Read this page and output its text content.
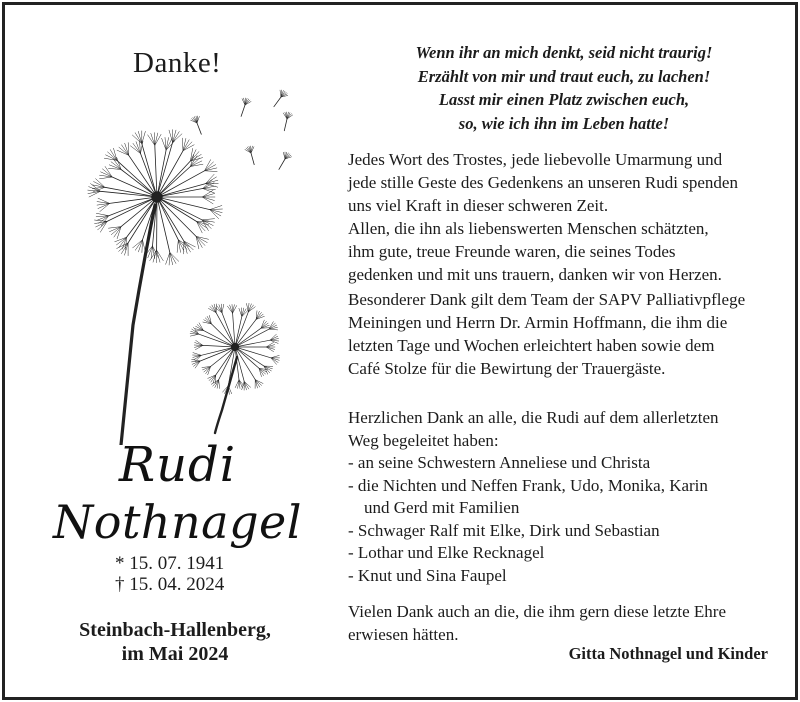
Danke!
Rudi
Nothnagel
* 15. 07. 1941
† 15. 04. 2024
Steinbach-Hallenberg,
im Mai 2024
Wenn ihr an mich denkt, seid nicht traurig!
Erzählt von mir und traut euch, zu lachen!
Lasst mir einen Platz zwischen euch,
so, wie ich ihn im Leben hatte!
Jedes Wort des Trostes, jede liebevolle Umarmung und
jede stille Geste des Gedenkens an unseren Rudi spenden
uns viel Kraft in dieser schweren Zeit.
Allen, die ihn als liebenswerten Menschen schätzten,
ihm gute, treue Freunde waren, die seines Todes
gedenken und mit uns trauern, danken wir von Herzen.
Besonderer Dank gilt dem Team der SAPV Palliativpflege
Meiningen und Herrn Dr. Armin Hoffmann, die ihm die
letzten Tage und Wochen erleichtert haben sowie dem
Café Stolze für die Bewirtung der Trauergäste.
Herzlichen Dank an alle, die Rudi auf dem allerletzten
Weg begeleitet haben:
- an seine Schwestern Anneliese und Christa
- die Nichten und Neffen Frank, Udo, Monika, Karin
und Gerd mit Familien
- Schwager Ralf mit Elke, Dirk und Sebastian
- Lothar und Elke Recknagel
- Knut und Sina Faupel
Vielen Dank auch an die, die ihm gern diese letzte Ehre
erwiesen hätten.
Gitta Nothnagel und Kinder
